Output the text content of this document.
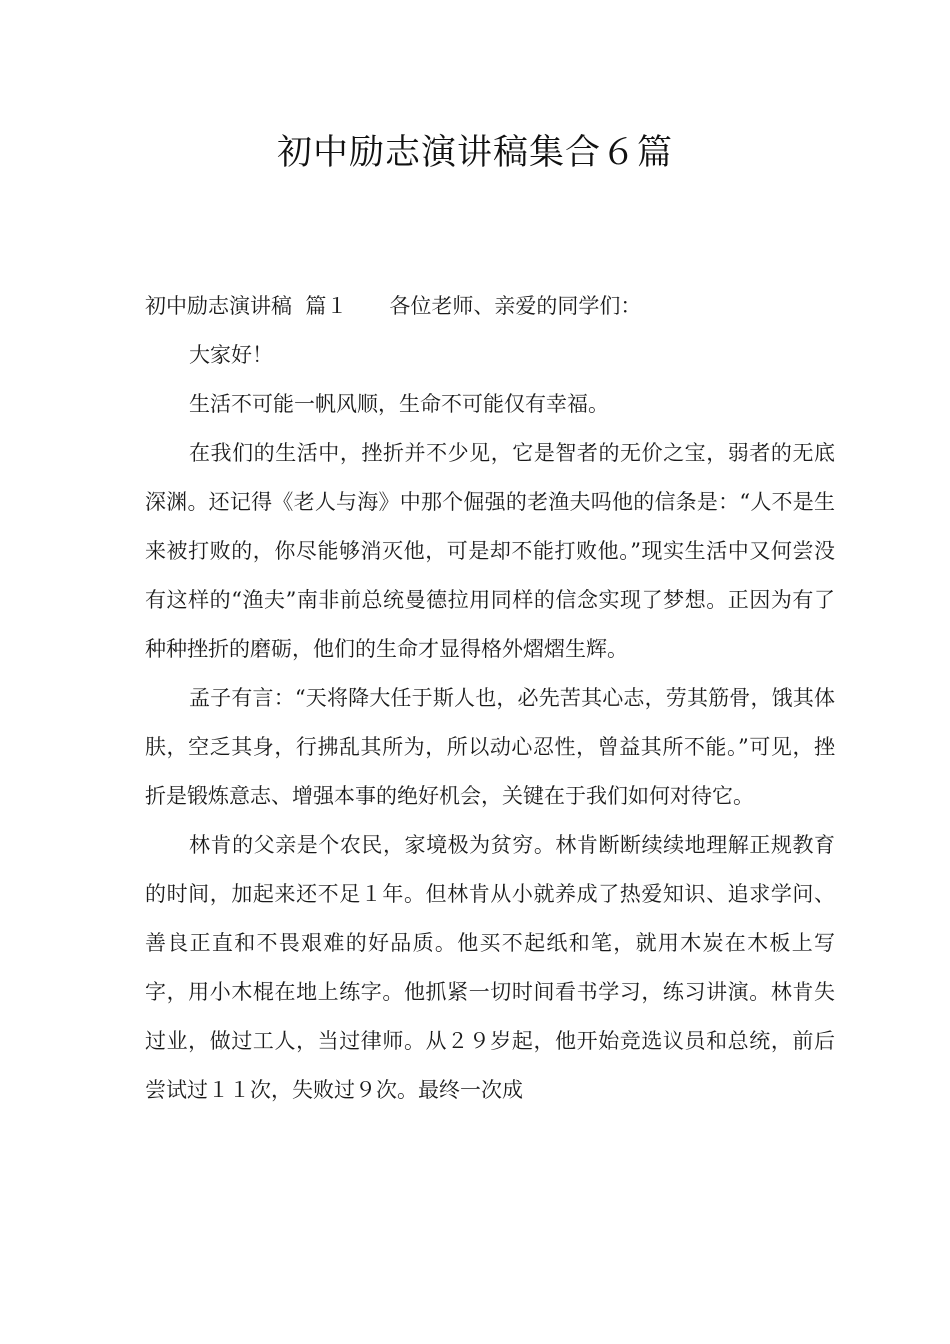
初中励志演讲稿集合６篇

初中励志演讲稿  篇１ 各位老师、亲爱的同学们：

大家好！

生活不可能一帆风顺，生命不可能仅有幸福。

在我们的生活中，挫折并不少见，它是智者的无价之宝，弱者的无底深渊。还记得《老人与海》中那个倔强的老渔夫吗他的信条是：“人不是生来被打败的，你尽能够消灭他，可是却不能打败他。”现实生活中又何尝没有这样的“渔夫”南非前总统曼德拉用同样的信念实现了梦想。正因为有了种种挫折的磨砺，他们的生命才显得格外熠熠生辉。

孟子有言：“天将降大任于斯人也，必先苦其心志，劳其筋骨，饿其体肤，空乏其身，行拂乱其所为，所以动心忍性，曾益其所不能。”可见，挫折是锻炼意志、增强本事的绝好机会，关键在于我们如何对待它。

林肯的父亲是个农民，家境极为贫穷。林肯断断续续地理解正规教育的时间，加起来还不足１年。但林肯从小就养成了热爱知识、追求学问、善良正直和不畏艰难的好品质。他买不起纸和笔，就用木炭在木板上写字，用小木棍在地上练字。他抓紧一切时间看书学习，练习讲演。林肯失过业，做过工人，当过律师。从２９岁起，他开始竞选议员和总统，前后尝试过１１次，失败过９次。最终一次成
